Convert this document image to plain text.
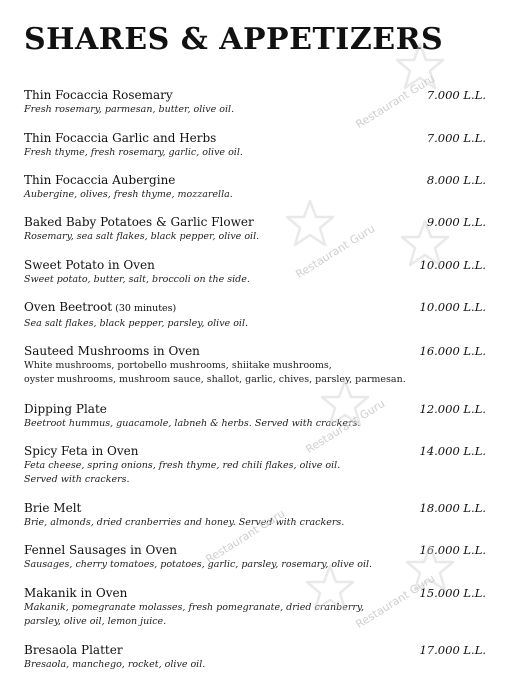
SHARES & APPETIZERS
Thin Focaccia Rosemary
Fresh rosemary, parmesan, butter, olive oil.
7.000 L.L.
Thin Focaccia Garlic and Herbs
Fresh thyme, fresh rosemary, garlic, olive oil.
7.000 L.L.
Thin Focaccia Aubergine
Aubergine, olives, fresh thyme, mozzarella.
8.000 L.L.
Baked Baby Potatoes & Garlic Flower
Rosemary, sea salt flakes, black pepper, olive oil.
9.000 L.L.
Sweet Potato in Oven
Sweet potato, butter, salt, broccoli on the side.
10.000 L.L.
Oven Beetroot (30 minutes)
Sea salt flakes, black pepper, parsley, olive oil.
10.000 L.L.
Sauteed Mushrooms in Oven
White mushrooms, portobello mushrooms, shiitake mushrooms,
oyster mushrooms, mushroom sauce, shallot, garlic, chives, parsley, parmesan.
16.000 L.L.
Dipping Plate
Beetroot hummus, guacamole, labneh & herbs. Served with crackers.
12.000 L.L.
Spicy Feta in Oven
Feta cheese, spring onions, fresh thyme, red chili flakes, olive oil.
Served with crackers.
14.000 L.L.
Brie Melt
Brie, almonds, dried cranberries and honey. Served with crackers.
18.000 L.L.
Fennel Sausages in Oven
Sausages, cherry tomatoes, potatoes, garlic, parsley, rosemary, olive oil.
16.000 L.L.
Makanik in Oven
Makanik, pomegranate molasses, fresh pomegranate, dried cranberry,
parsley, olive oil, lemon juice.
15.000 L.L.
Bresaola Platter
Bresaola, manchego, rocket, olive oil.
17.000 L.L.
Restaurant Guru
Restaurant Guru
Restaurant Guru
Restaurant Guru
Restaurant Guru
